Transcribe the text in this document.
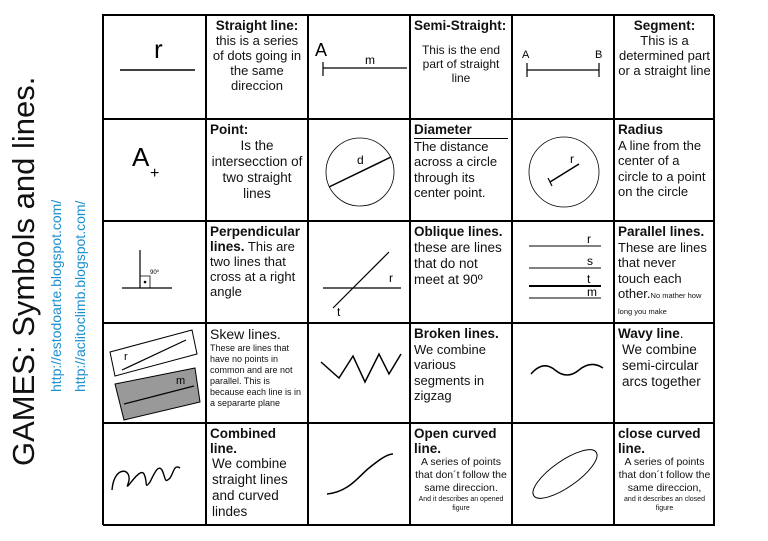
GAMES: Symbols and lines. http://estodoarte.blogspot.com/ http://aclitoclimb.blogspot.com/
r
Straight line:
this is a series of dots going in the same direccion
A	m
Semi-Straight:
This is the end part of straight line
A	B
Segment:
This is a determined part or a straight line
A
+
Point:
Is the intersecction of two straight lines
d
Diameter
The distance across a circle through its center point.
r
Radius
A line from the center of a circle to a point on the circle
90º
Perpendicular lines. This are two lines that cross at a right angle
r
t
Oblique lines. these are lines that do not meet at 90º
r
s
t
m
Parallel lines. These are lines that never touch each other.No mather how long you make
r
m
Skew lines.
These are lines that have no points in common and are not parallel. This is because each line is in a separarte plane
Broken lines. We combine various segments in zigzag
Wavy line.
We combine semi-circular arcs together
Combined line.
We combine straight lines and curved lindes
Open curved line.
A series of points that don´t follow the same direccion.
And it describes an opened figure
close curved line.
A series of points that don´t follow the same direccion,
and it describes an closed figure
